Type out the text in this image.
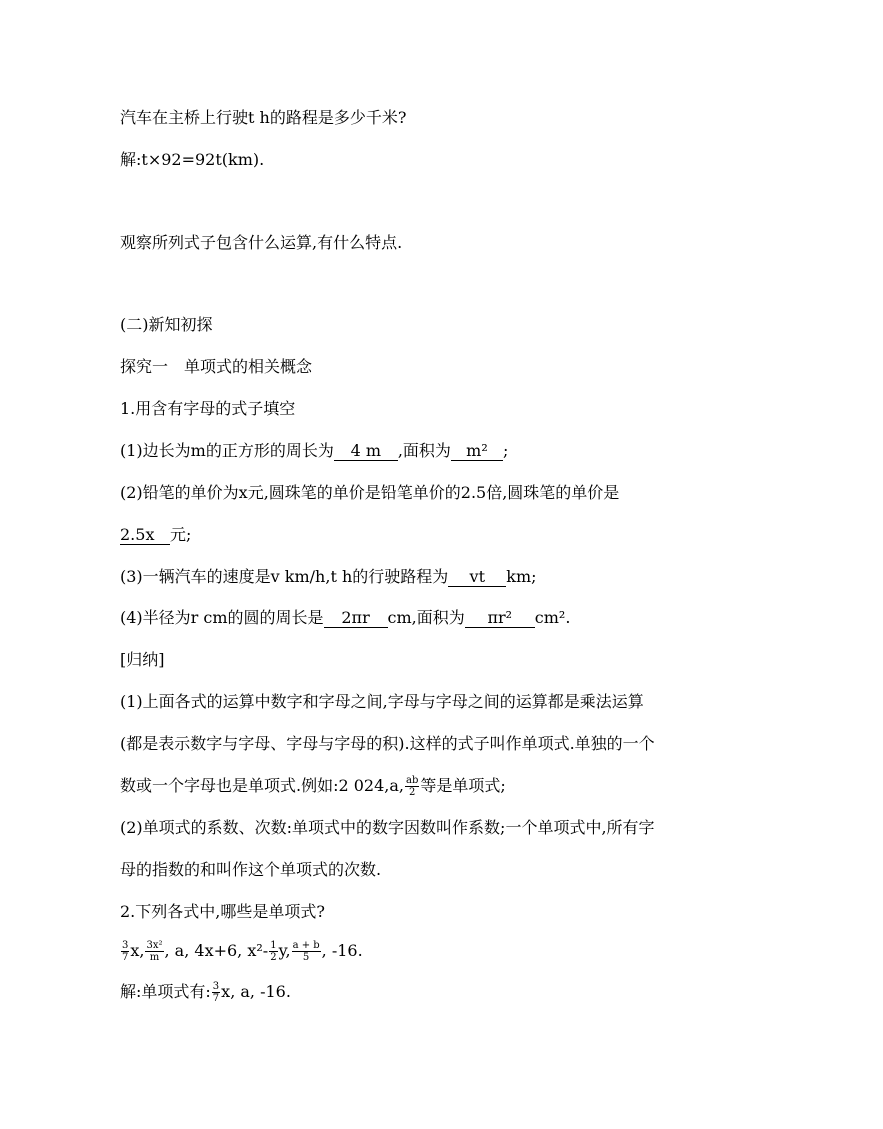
汽车在主桥上行驶t h的路程是多少千米?
解:t×92=92t(km).
观察所列式子包含什么运算,有什么特点.
(二)新知初探
探究一　单项式的相关概念
1.用含有字母的式子填空
(1)边长为m的正方形的周长为 4 m ,面积为 m² ;
(2)铅笔的单价为x元,圆珠笔的单价是铅笔单价的2.5倍,圆珠笔的单价是
2.5x 元;
(3)一辆汽车的速度是v km/h,t h的行驶路程为 vt km;
(4)半径为r cm的圆的周长是 2πr cm,面积为 πr² cm².
[归纳]
(1)上面各式的运算中数字和字母之间,字母与字母之间的运算都是乘法运算
(都是表示数字与字母、字母与字母的积).这样的式子叫作单项式.单独的一个
数或一个字母也是单项式.例如:2 024,a, $\frac{ab}{2}$ 等是单项式;
(2)单项式的系数、次数:单项式中的数字因数叫作系数;一个单项式中,所有字
母的指数的和叫作这个单项式的次数.
2.下列各式中,哪些是单项式?
$\frac{3}{7} x$, $\frac{\text{3x²}}{m}$ , a, 4x+6, $x^2- \frac{1}{2} y$, $\frac{a + b}{5}$ , -16.
解:单项式有: $\frac{3}{7} x$, a, -16.
